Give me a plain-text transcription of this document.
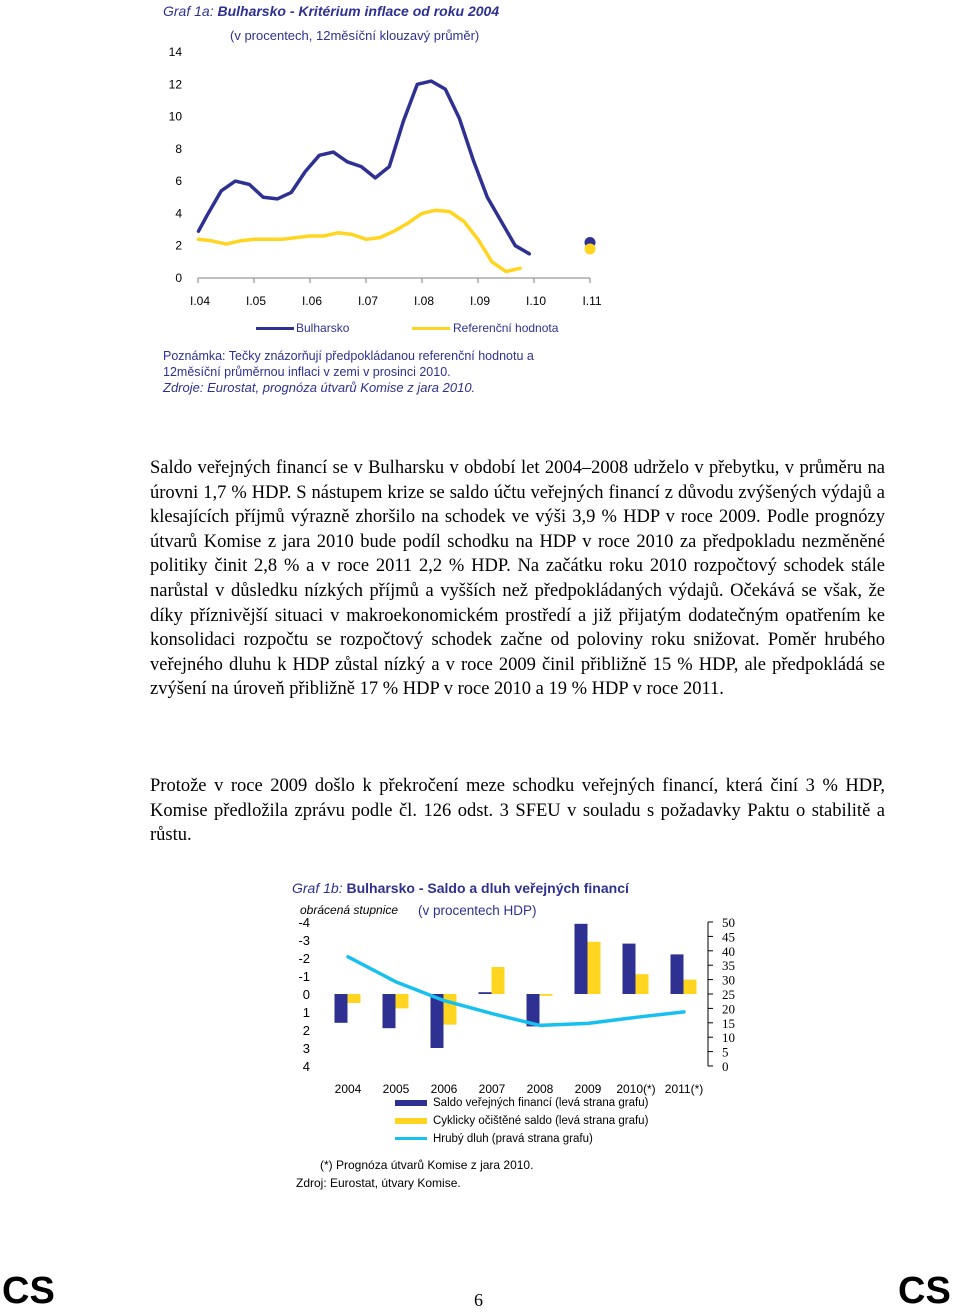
Graf 1a: Bulharsko - Kritérium inflace od roku 2004
(v procentech, 12měsíční klouzavý průměr)
I.04	I.05	I.06	I.07	I.08	I.09	I.10	I.11
0
2
4
6
8
10
12
14
Bulharsko	Referenční hodnota
Poznámka: Tečky znázorňují předpokládanou referenční hodnotu a
12měsíční průměrnou inflaci v zemi v prosinci 2010.
Zdroje: Eurostat, prognóza útvarů Komise z jara 2010.

Saldo veřejných financí se v Bulharsku v období let 2004–2008 udrželo v přebytku, v průměru na úrovni 1,7 % HDP. S nástupem krize se saldo účtu veřejných financí z důvodu zvýšených výdajů a klesajících příjmů výrazně zhoršilo na schodek ve výši 3,9 % HDP v roce 2009. Podle prognózy útvarů Komise z jara 2010 bude podíl schodku na HDP v roce 2010 za předpokladu nezměněné politiky činit 2,8 % a v roce 2011 2,2 % HDP. Na začátku roku 2010 rozpočtový schodek stále narůstal v důsledku nízkých příjmů a vyšších než předpokládaných výdajů. Očekává se však, že díky příznivější situaci v makroekonomickém prostředí a již přijatým dodatečným opatřením ke konsolidaci rozpočtu se rozpočtový schodek začne od poloviny roku snižovat. Poměr hrubého veřejného dluhu k HDP zůstal nízký a v roce 2009 činil přibližně 15 % HDP, ale předpokládá se zvýšení na úroveň přibližně 17 % HDP v roce 2010 a 19 % HDP v roce 2011.

Protože v roce 2009 došlo k překročení meze schodku veřejných financí, která činí 3 % HDP, Komise předložila zprávu podle čl. 126 odst. 3 SFEU v souladu s požadavky Paktu o stabilitě a růstu.

Graf 1b: Bulharsko - Saldo a dluh veřejných financí
obrácená stupnice (v procentech HDP)
-4
-3
-2
-1
0
1
2
3
4
50
45
40
35
30
25
20
15
10
5
0
2004 2005 2006 2007 2008 2009 2010(*) 2011(*)
Saldo veřejných financí (levá strana grafu)
Cyklicky očištěné saldo (levá strana grafu)
Hrubý dluh (pravá strana grafu)
(*) Prognóza útvarů Komise z jara 2010.
Zdroj: Eurostat, útvary Komise.
CS	CS
6
